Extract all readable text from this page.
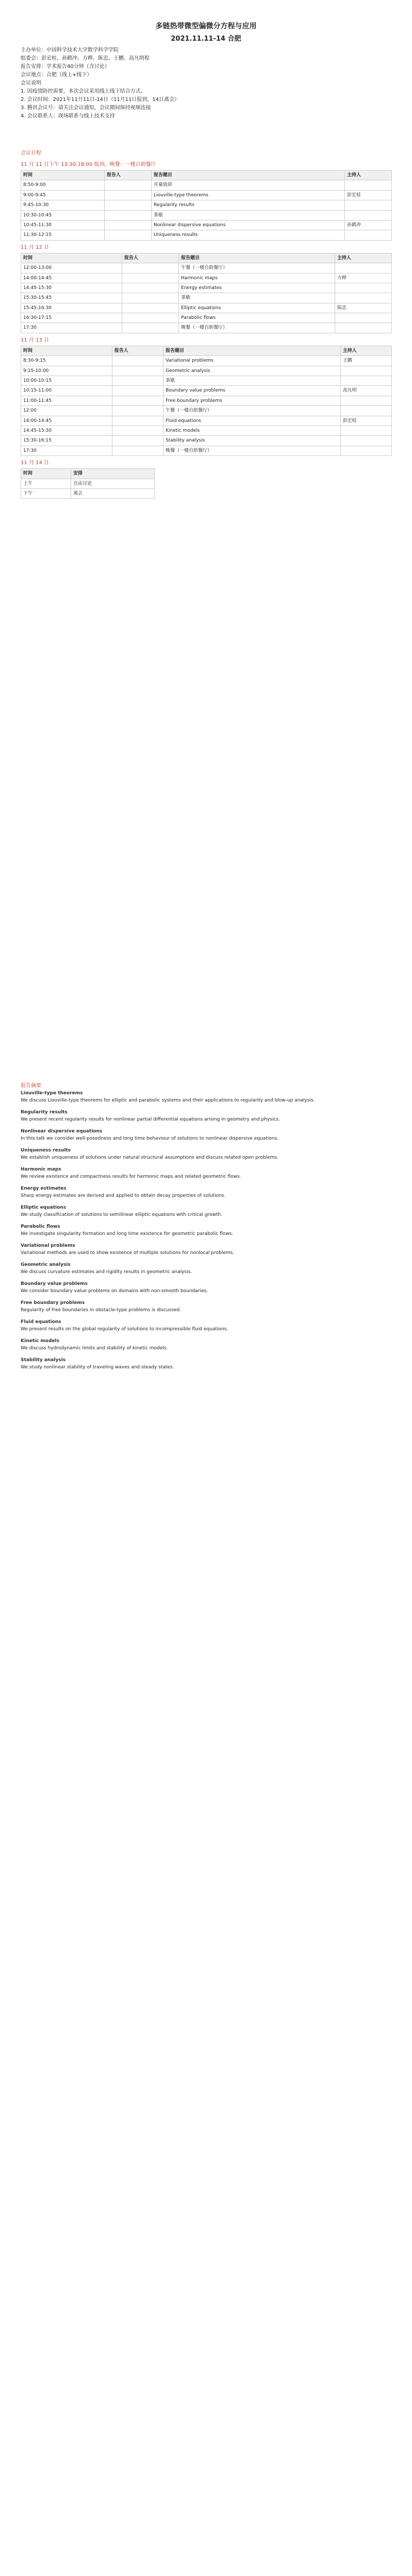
多链热带微型偏微分方程与应用
2021.11.11-14 合肥
主办单位：中国科学技术大学数学科学学院
组委会：彭宏桂、孙鹤冲、方晔、陈忠、王鹏、高凡明程
报告安排：学术报告40分钟（含讨论）
会议地点：合肥（线上+线下）
会议说明
1. 因疫情防控需要，本次会议采用线上线下结合方式。
2. 会议时间：2021年11月11日-14日（11月11日报到，14日离会）
3. 腾讯会议号：请关注会议通知，会议期间保持视频连接
4. 会议联系人：现场联系与线上技术支持
会议日程
11 月 11 日下午 13:30-18:00 报到，晚餐：一楼自助餐厅
时间	报告人	报告题目	主持人
8:50-9:00		开幕致辞	
9:00-9:45		Liouville-type theorems	彭宏桂
9:45-10:30		Regularity results	
10:30-10:45		茶歇	
10:45-11:30		Nonlinear dispersive equations	孙鹤冲
11:30-12:15		Uniqueness results	
11 月 12 日
时间	报告人	报告题目	主持人
12:00-13:00		午餐（一楼自助餐厅）	
14:00-14:45		Harmonic maps	方晔
14:45-15:30		Energy estimates	
15:30-15:45		茶歇	
15:45-16:30		Elliptic equations	陈忠
16:30-17:15		Parabolic flows	
17:30		晚餐（一楼自助餐厅）	
11 月 13 日
时间	报告人	报告题目	主持人
8:30-9:15		Variational problems	王鹏
9:15-10:00		Geometric analysis	
10:00-10:15		茶歇	
10:15-11:00		Boundary value problems	高凡明
11:00-11:45		Free boundary problems	
12:00		午餐（一楼自助餐厅）	
14:00-14:45		Fluid equations	彭宏桂
14:45-15:30		Kinetic models	
15:30-16:15		Stability analysis	
17:30		晚餐（一楼自助餐厅）	
11 月 14 日
时间	安排
上午	自由讨论
下午	离会
报告摘要
Liouville-type theorems
We discuss Liouville-type theorems for elliptic and parabolic systems and their applications to regularity and blow-up analysis.
Regularity results
We present recent regularity results for nonlinear partial differential equations arising in geometry and physics.
Nonlinear dispersive equations
In this talk we consider well-posedness and long time behaviour of solutions to nonlinear dispersive equations.
Uniqueness results
We establish uniqueness of solutions under natural structural assumptions and discuss related open problems.
Harmonic maps
We review existence and compactness results for harmonic maps and related geometric flows.
Energy estimates
Sharp energy estimates are derived and applied to obtain decay properties of solutions.
Elliptic equations
We study classification of solutions to semilinear elliptic equations with critical growth.
Parabolic flows
We investigate singularity formation and long time existence for geometric parabolic flows.
Variational problems
Variational methods are used to show existence of multiple solutions for nonlocal problems.
Geometric analysis
We discuss curvature estimates and rigidity results in geometric analysis.
Boundary value problems
We consider boundary value problems on domains with non-smooth boundaries.
Free boundary problems
Regularity of free boundaries in obstacle-type problems is discussed.
Fluid equations
We present results on the global regularity of solutions to incompressible fluid equations.
Kinetic models
We discuss hydrodynamic limits and stability of kinetic models.
Stability analysis
We study nonlinear stability of traveling waves and steady states.
